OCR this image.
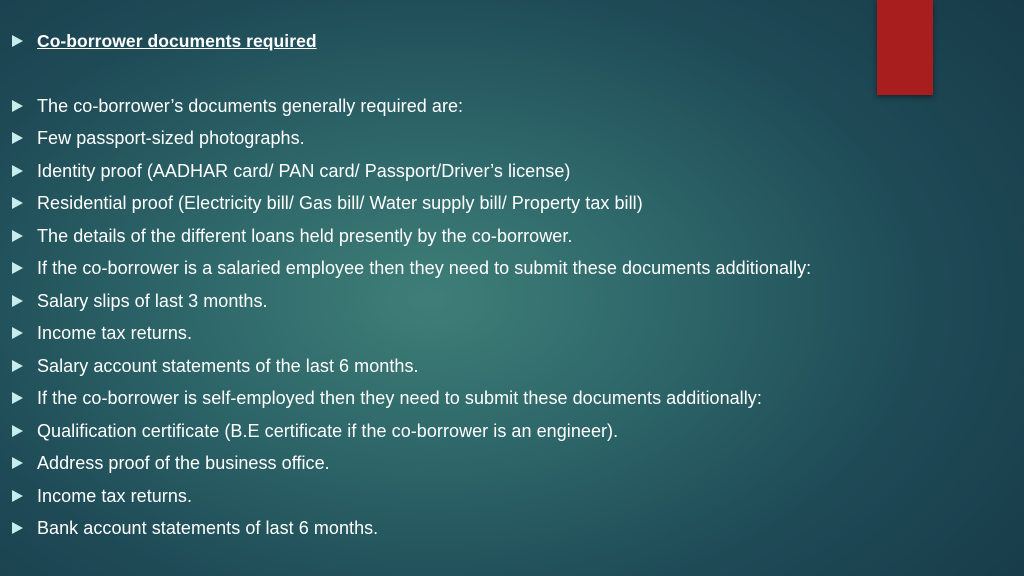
Co-borrower documents required
The co-borrower’s documents generally required are:
Few passport-sized photographs.
Identity proof (AADHAR card/ PAN card/ Passport/Driver’s license)
Residential proof (Electricity bill/ Gas bill/ Water supply bill/ Property tax bill)
The details of the different loans held presently by the co-borrower.
If the co-borrower is a salaried employee then they need to submit these documents additionally:
Salary slips of last 3 months.
Income tax returns.
Salary account statements of the last 6 months.
If the co-borrower is self-employed then they need to submit these documents additionally:
Qualification certificate (B.E certificate if the co-borrower is an engineer).
Address proof of the business office.
Income tax returns.
Bank account statements of last 6 months.
